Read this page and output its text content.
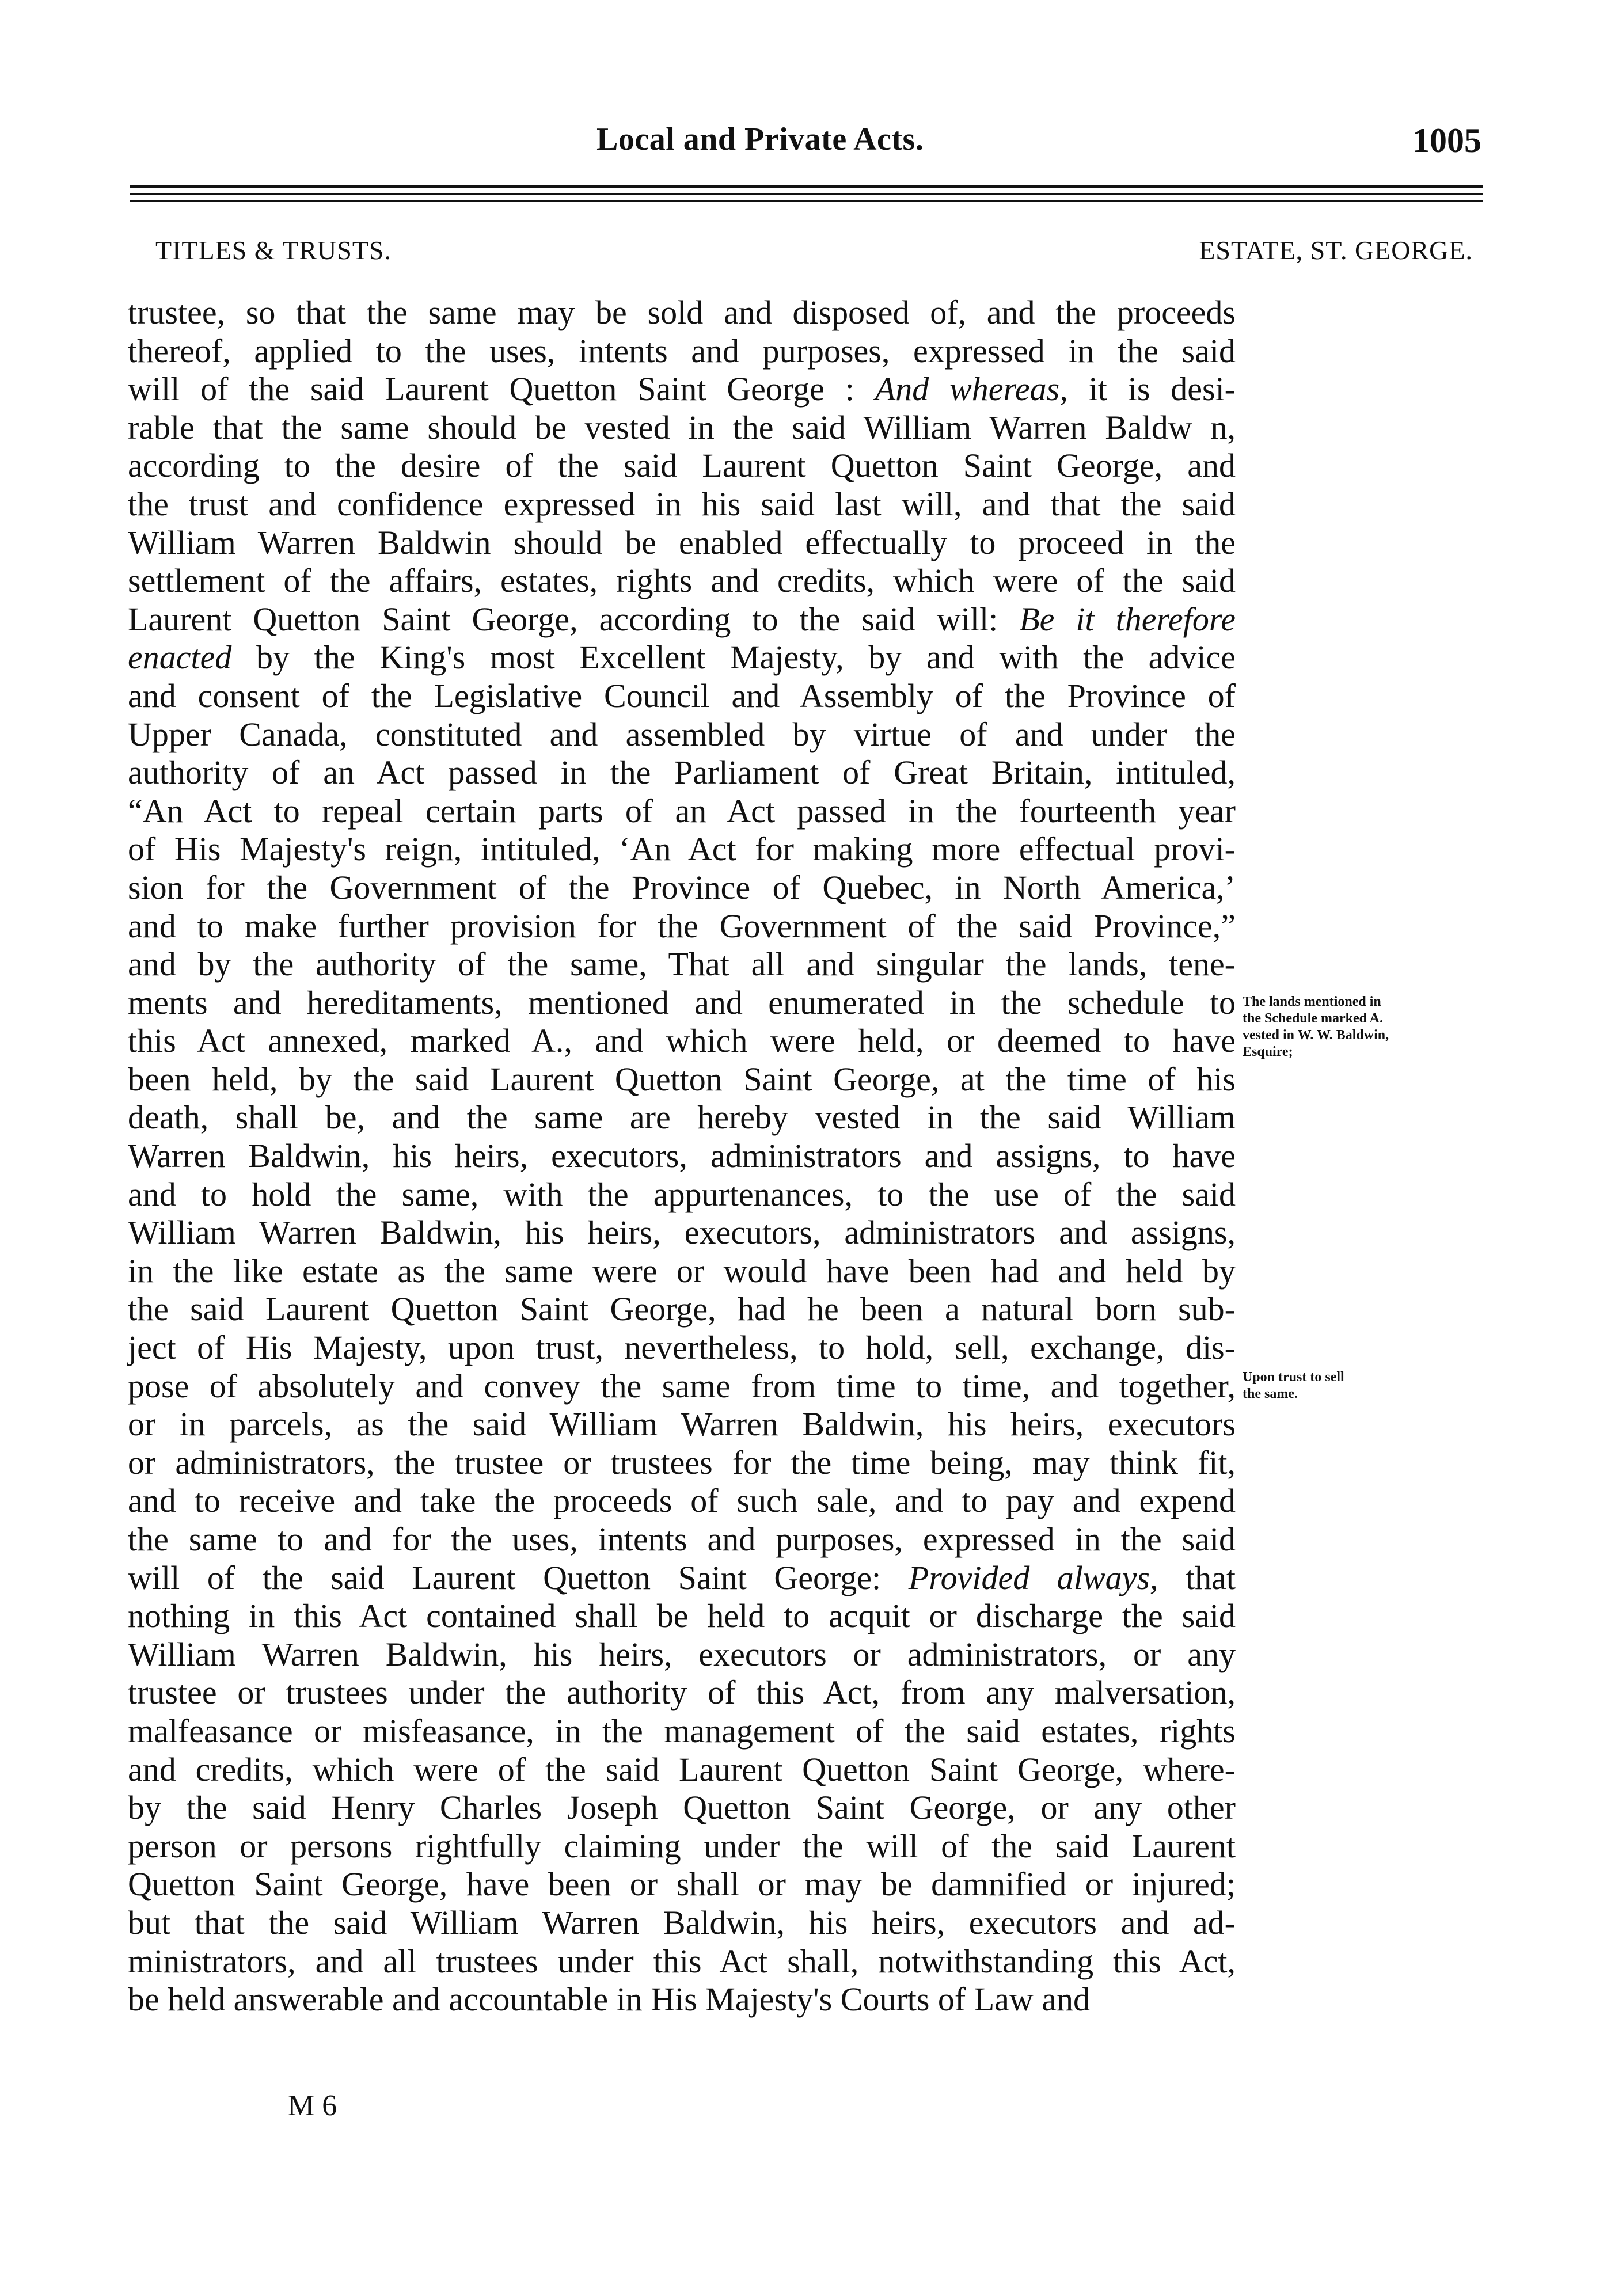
Local and Private Acts.	1005
TITLES & TRUSTS.	ESTATE, ST. GEORGE.
trustee, so that the same may be sold and disposed of, and the proceeds
thereof, applied to the uses, intents and purposes, expressed in the said
will of the said Laurent Quetton Saint George : And whereas, it is desi-
rable that the same should be vested in the said William Warren Baldw n,
according to the desire of the said Laurent Quetton Saint George, and
the trust and confidence expressed in his said last will, and that the said
William Warren Baldwin should be enabled effectually to proceed in the
settlement of the affairs, estates, rights and credits, which were of the said
Laurent Quetton Saint George, according to the said will: Be it therefore
enacted by the King's most Excellent Majesty, by and with the advice
and consent of the Legislative Council and Assembly of the Province of
Upper Canada, constituted and assembled by virtue of and under the
authority of an Act passed in the Parliament of Great Britain, intituled,
“An Act to repeal certain parts of an Act passed in the fourteenth year
of His Majesty's reign, intituled, ‘An Act for making more effectual provi-
sion for the Government of the Province of Quebec, in North America,’
and to make further provision for the Government of the said Province,”
and by the authority of the same, That all and singular the lands, tene-
ments and hereditaments, mentioned and enumerated in the schedule to
this Act annexed, marked A., and which were held, or deemed to have
been held, by the said Laurent Quetton Saint George, at the time of his
death, shall be, and the same are hereby vested in the said William
Warren Baldwin, his heirs, executors, administrators and assigns, to have
and to hold the same, with the appurtenances, to the use of the said
William Warren Baldwin, his heirs, executors, administrators and assigns,
in the like estate as the same were or would have been had and held by
the said Laurent Quetton Saint George, had he been a natural born sub-
ject of His Majesty, upon trust, nevertheless, to hold, sell, exchange, dis-
pose of absolutely and convey the same from time to time, and together,
or in parcels, as the said William Warren Baldwin, his heirs, executors
or administrators, the trustee or trustees for the time being, may think fit,
and to receive and take the proceeds of such sale, and to pay and expend
the same to and for the uses, intents and purposes, expressed in the said
will of the said Laurent Quetton Saint George: Provided always, that
nothing in this Act contained shall be held to acquit or discharge the said
William Warren Baldwin, his heirs, executors or administrators, or any
trustee or trustees under the authority of this Act, from any malversation,
malfeasance or misfeasance, in the management of the said estates, rights
and credits, which were of the said Laurent Quetton Saint George, where-
by the said Henry Charles Joseph Quetton Saint George, or any other
person or persons rightfully claiming under the will of the said Laurent
Quetton Saint George, have been or shall or may be damnified or injured;
but that the said William Warren Baldwin, his heirs, executors and ad-
ministrators, and all trustees under this Act shall, notwithstanding this Act,
be held answerable and accountable in His Majesty's Courts of Law and
The lands mentioned in
the Schedule marked A.
vested in W. W. Baldwin,
Esquire;
Upon trust to sell
the same.
M 6
